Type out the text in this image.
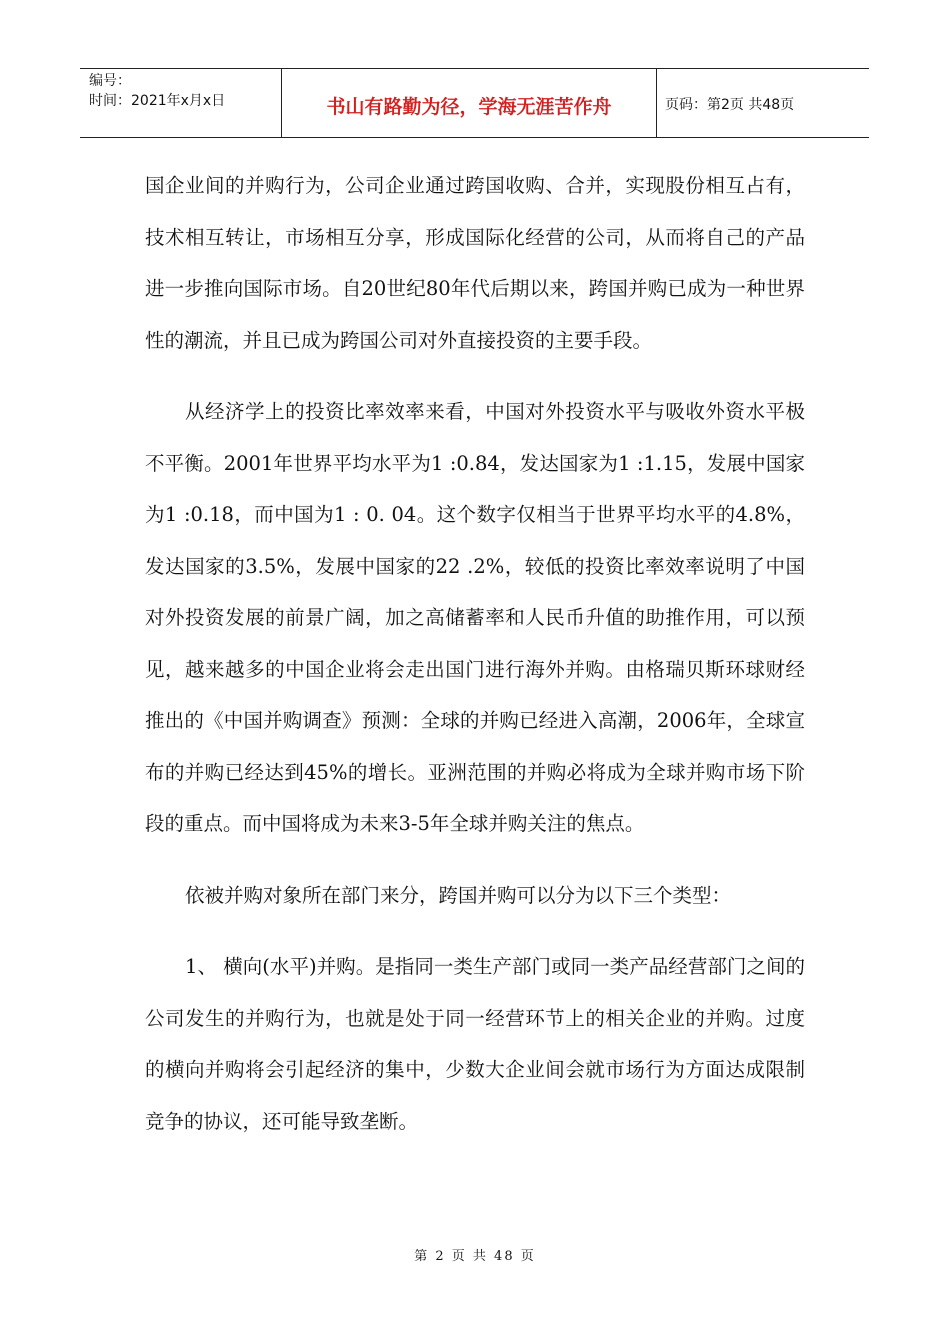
编号：
时间：2021年x月x日	书山有路勤为径，学海无涯苦作舟	页码：第2页 共48页

国企业间的并购行为，公司企业通过跨国收购、合并，实现股份相互占有，技术相互转让，市场相互分享，形成国际化经营的公司，从而将自己的产品进一步推向国际市场。自20世纪80年代后期以来，跨国并购已成为一种世界性的潮流，并且已成为跨国公司对外直接投资的主要手段。

从经济学上的投资比率效率来看，中国对外投资水平与吸收外资水平极不平衡。2001年世界平均水平为1 :0.84，发达国家为1 :1.15，发展中国家为1 :0.18，而中国为1 : 0. 04。这个数字仅相当于世界平均水平的4.8%，发达国家的3.5%，发展中国家的22 .2%，较低的投资比率效率说明了中国对外投资发展的前景广阔，加之高储蓄率和人民币升值的助推作用，可以预见，越来越多的中国企业将会走出国门进行海外并购。由格瑞贝斯环球财经推出的《中国并购调查》预测：全球的并购已经进入高潮，2006年，全球宣布的并购已经达到45%的增长。亚洲范围的并购必将成为全球并购市场下阶段的重点。而中国将成为未来3-5年全球并购关注的焦点。

依被并购对象所在部门来分，跨国并购可以分为以下三个类型：

1、 横向(水平)并购。是指同一类生产部门或同一类产品经营部门之间的公司发生的并购行为，也就是处于同一经营环节上的相关企业的并购。过度的横向并购将会引起经济的集中，少数大企业间会就市场行为方面达成限制竞争的协议，还可能导致垄断。

第 2 页 共 48 页
